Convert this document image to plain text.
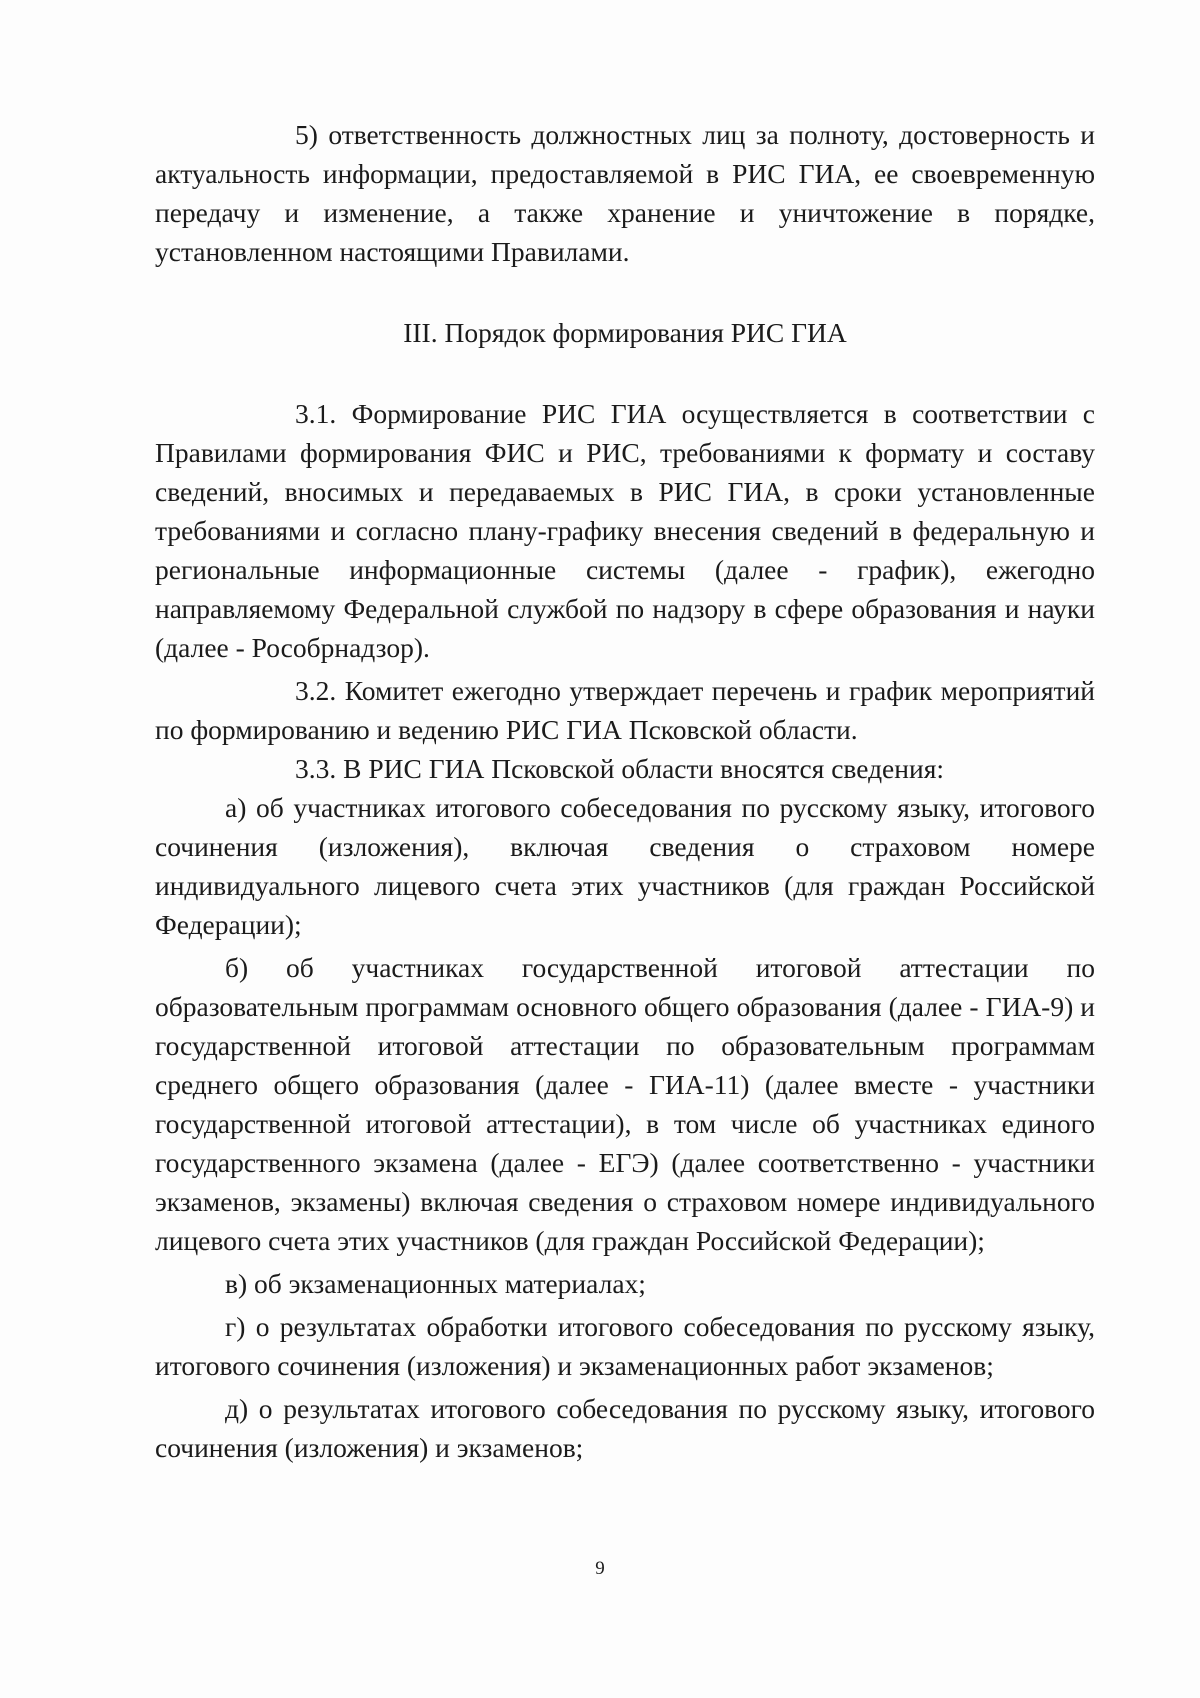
5) ответственность должностных лиц за полноту, достоверность и актуальность информации, предоставляемой в РИС ГИА, ее своевременную передачу и изменение, а также хранение и уничтожение в порядке, установленном настоящими Правилами.

III. Порядок формирования РИС ГИА

3.1. Формирование РИС ГИА осуществляется в соответствии с Правилами формирования ФИС и РИС, требованиями к формату и составу сведений, вносимых и передаваемых в РИС ГИА, в сроки установленные требованиями и согласно плану-графику внесения сведений в федеральную и региональные информационные системы (далее - график), ежегодно направляемому Федеральной службой по надзору в сфере образования и науки (далее - Рособрнадзор).

3.2. Комитет ежегодно утверждает перечень и график мероприятий по формированию и ведению РИС ГИА Псковской области.

3.3. В РИС ГИА Псковской области вносятся сведения:

а) об участниках итогового собеседования по русскому языку, итогового сочинения (изложения), включая сведения о страховом номере индивидуального лицевого счета этих участников (для граждан Российской Федерации);

б) об участниках государственной итоговой аттестации по образовательным программам основного общего образования (далее - ГИА-9) и государственной итоговой аттестации по образовательным программам среднего общего образования (далее - ГИА-11) (далее вместе - участники государственной итоговой аттестации), в том числе об участниках единого государственного экзамена (далее - ЕГЭ) (далее соответственно - участники экзаменов, экзамены) включая сведения о страховом номере индивидуального лицевого счета этих участников (для граждан Российской Федерации);

в) об экзаменационных материалах;

г) о результатах обработки итогового собеседования по русскому языку, итогового сочинения (изложения) и экзаменационных работ экзаменов;

д) о результатах итогового собеседования по русскому языку, итогового сочинения (изложения) и экзаменов;

9
